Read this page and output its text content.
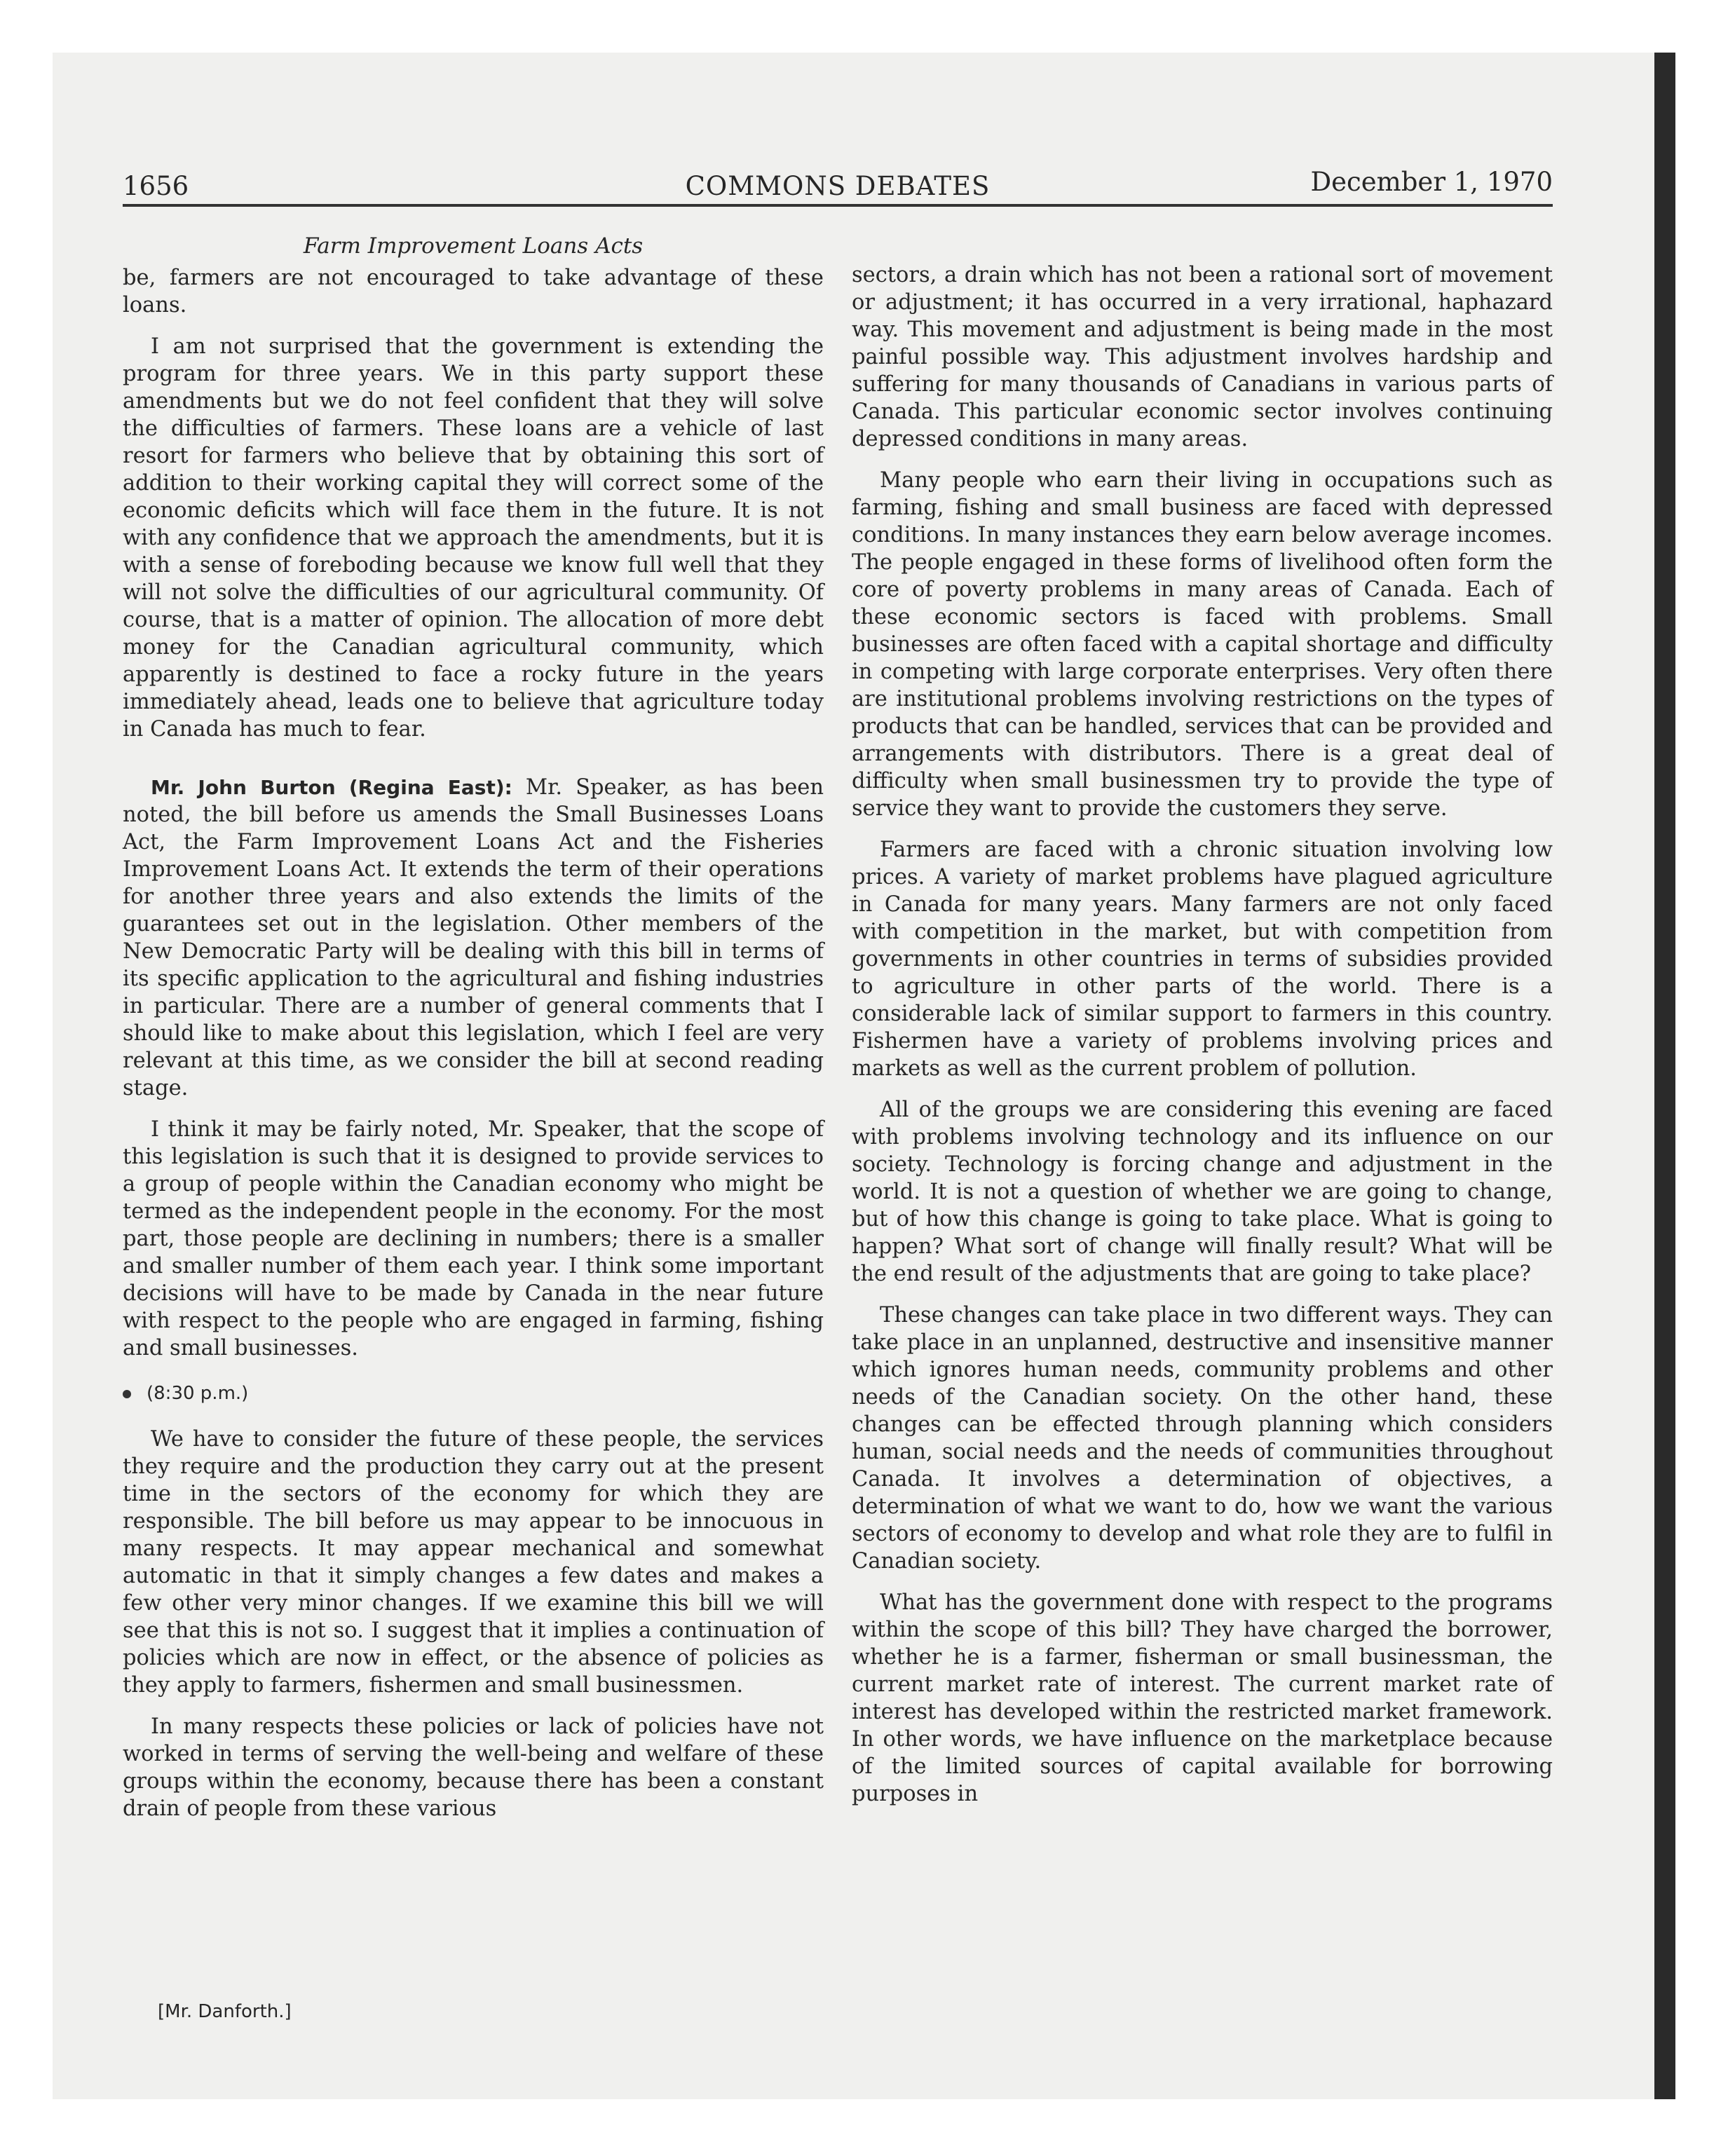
1656	COMMONS DEBATES	December 1, 1970
Farm Improvement Loans Acts

be, farmers are not encouraged to take advantage of these loans.

I am not surprised that the government is extending the program for three years. We in this party support these amendments but we do not feel confident that they will solve the difficulties of farmers. These loans are a vehicle of last resort for farmers who believe that by obtaining this sort of addition to their working capital they will correct some of the economic deficits which will face them in the future. It is not with any confidence that we approach the amendments, but it is with a sense of foreboding because we know full well that they will not solve the difficulties of our agricultural community. Of course, that is a matter of opinion. The allocation of more debt money for the Canadian agricultural community, which apparently is destined to face a rocky future in the years immediately ahead, leads one to believe that agriculture today in Canada has much to fear.

Mr. John Burton (Regina East): Mr. Speaker, as has been noted, the bill before us amends the Small Businesses Loans Act, the Farm Improvement Loans Act and the Fisheries Improvement Loans Act. It extends the term of their operations for another three years and also extends the limits of the guarantees set out in the legislation. Other members of the New Democratic Party will be dealing with this bill in terms of its specific application to the agricultural and fishing industries in particular. There are a number of general comments that I should like to make about this legislation, which I feel are very relevant at this time, as we consider the bill at second reading stage.

I think it may be fairly noted, Mr. Speaker, that the scope of this legislation is such that it is designed to provide services to a group of people within the Canadian economy who might be termed as the independent people in the economy. For the most part, those people are declining in numbers; there is a smaller and smaller number of them each year. I think some important decisions will have to be made by Canada in the near future with respect to the people who are engaged in farming, fishing and small businesses.

(8:30 p.m.)

We have to consider the future of these people, the services they require and the production they carry out at the present time in the sectors of the economy for which they are responsible. The bill before us may appear to be innocuous in many respects. It may appear mechanical and somewhat automatic in that it simply changes a few dates and makes a few other very minor changes. If we examine this bill we will see that this is not so. I suggest that it implies a continuation of policies which are now in effect, or the absence of policies as they apply to farmers, fishermen and small businessmen.

In many respects these policies or lack of policies have not worked in terms of serving the well-being and welfare of these groups within the economy, because there has been a constant drain of people from these various

sectors, a drain which has not been a rational sort of movement or adjustment; it has occurred in a very irrational, haphazard way. This movement and adjustment is being made in the most painful possible way. This adjustment involves hardship and suffering for many thousands of Canadians in various parts of Canada. This particular economic sector involves continuing depressed conditions in many areas.

Many people who earn their living in occupations such as farming, fishing and small business are faced with depressed conditions. In many instances they earn below average incomes. The people engaged in these forms of livelihood often form the core of poverty problems in many areas of Canada. Each of these economic sectors is faced with problems. Small businesses are often faced with a capital shortage and difficulty in competing with large corporate enterprises. Very often there are institutional problems involving restrictions on the types of products that can be handled, services that can be provided and arrangements with distributors. There is a great deal of difficulty when small businessmen try to provide the type of service they want to provide the customers they serve.

Farmers are faced with a chronic situation involving low prices. A variety of market problems have plagued agriculture in Canada for many years. Many farmers are not only faced with competition in the market, but with competition from governments in other countries in terms of subsidies provided to agriculture in other parts of the world. There is a considerable lack of similar support to farmers in this country. Fishermen have a variety of problems involving prices and markets as well as the current problem of pollution.

All of the groups we are considering this evening are faced with problems involving technology and its influence on our society. Technology is forcing change and adjustment in the world. It is not a question of whether we are going to change, but of how this change is going to take place. What is going to happen? What sort of change will finally result? What will be the end result of the adjustments that are going to take place?

These changes can take place in two different ways. They can take place in an unplanned, destructive and insensitive manner which ignores human needs, community problems and other needs of the Canadian society. On the other hand, these changes can be effected through planning which considers human, social needs and the needs of communities throughout Canada. It involves a determination of objectives, a determination of what we want to do, how we want the various sectors of economy to develop and what role they are to fulfil in Canadian society.

What has the government done with respect to the programs within the scope of this bill? They have charged the borrower, whether he is a farmer, fisherman or small businessman, the current market rate of interest. The current market rate of interest has developed within the restricted market framework. In other words, we have influence on the marketplace because of the limited sources of capital available for borrowing purposes in

[Mr. Danforth.]
